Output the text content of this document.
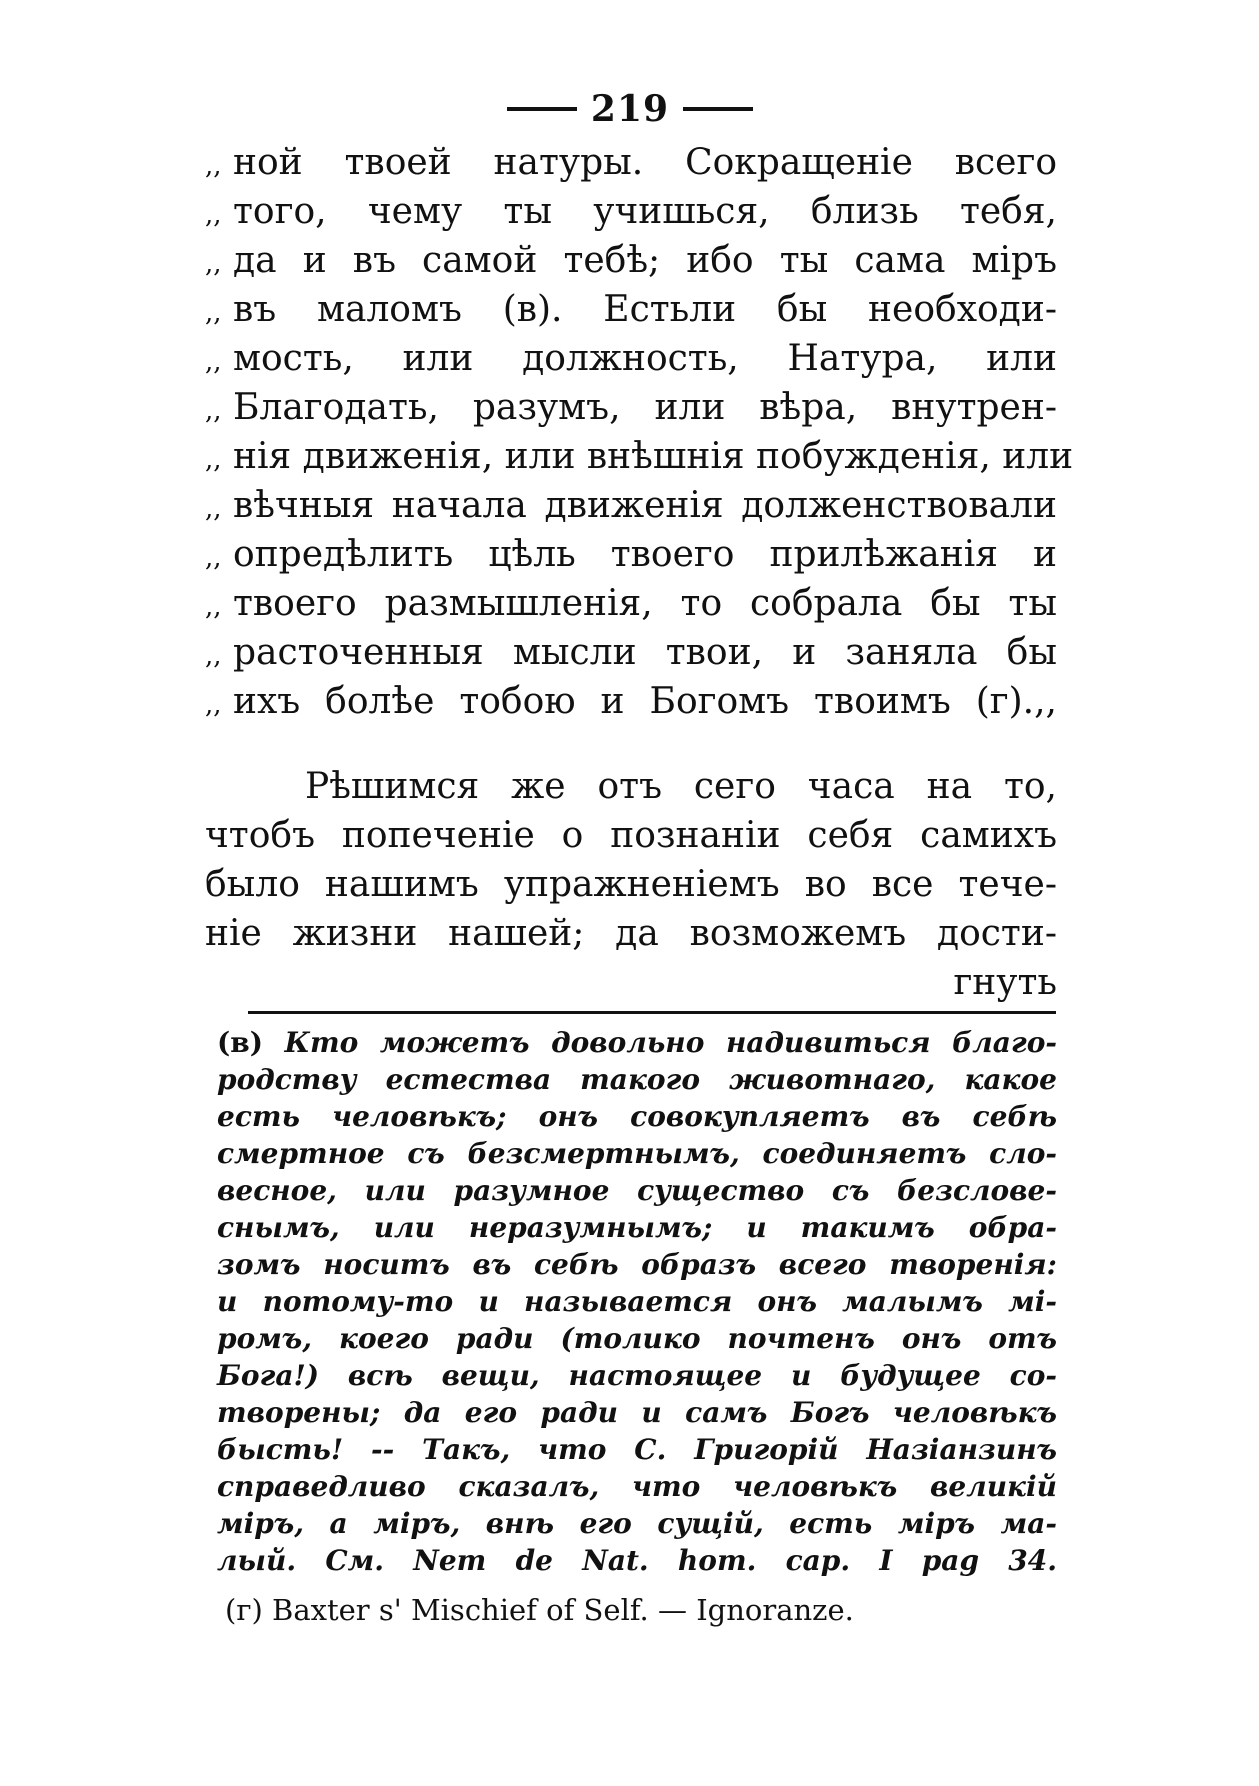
219
,, ной твоей натуры. Сокращеніе всего
,, того, чему ты учишься, близь тебя,
,, да и въ самой тебѣ; ибо ты сама міръ
,, въ маломъ (в). Естьли бы необходи-
,, мость, или должность, Натура, или
,, Благодать, разумъ, или вѣра, внутрен-
,, нія движенія, или внѣшнія побужденія, или
,, вѣчныя начала движенія долженствовали
,, опредѣлить цѣль твоего прилѣжанія и
,, твоего размышленія, то собрала бы ты
,, расточенныя мысли твои, и заняла бы
,, ихъ болѣе тобою и Богомъ твоимъ (г).,,
Рѣшимся же отъ сего часа на то,
чтобъ попеченіе о познаніи себя самихъ
было нашимъ упражненіемъ во все тече-
ніе жизни нашей; да возможемъ дости-
гнуть
(в) Кто можетъ довольно надивиться благо-
родству естества такого животнаго, какое
есть человѣкъ; онъ совокупляетъ въ себѣ
смертное съ безсмертнымъ, соединяетъ сло-
весное, или разумное существо съ безслове-
снымъ, или неразумнымъ; и такимъ обра-
зомъ носитъ въ себѣ образъ всего творенія:
и потому-то и называется онъ малымъ мі-
ромъ, коего ради (толико почтенъ онъ отъ
Бога!) всѣ вещи, настоящее и будущее со-
творены; да его ради и самъ Богъ человѣкъ
бысть! -- Такъ, что С. Григорій Назіанзинъ
справедливо сказалъ, что человѣкъ великій
міръ, а міръ, внѣ его сущій, есть міръ ма-
лый. См. Nem de Nat. hom. cap. I pag 34.
(г) Baxter s' Mischief of Self. — Ignoranze.
